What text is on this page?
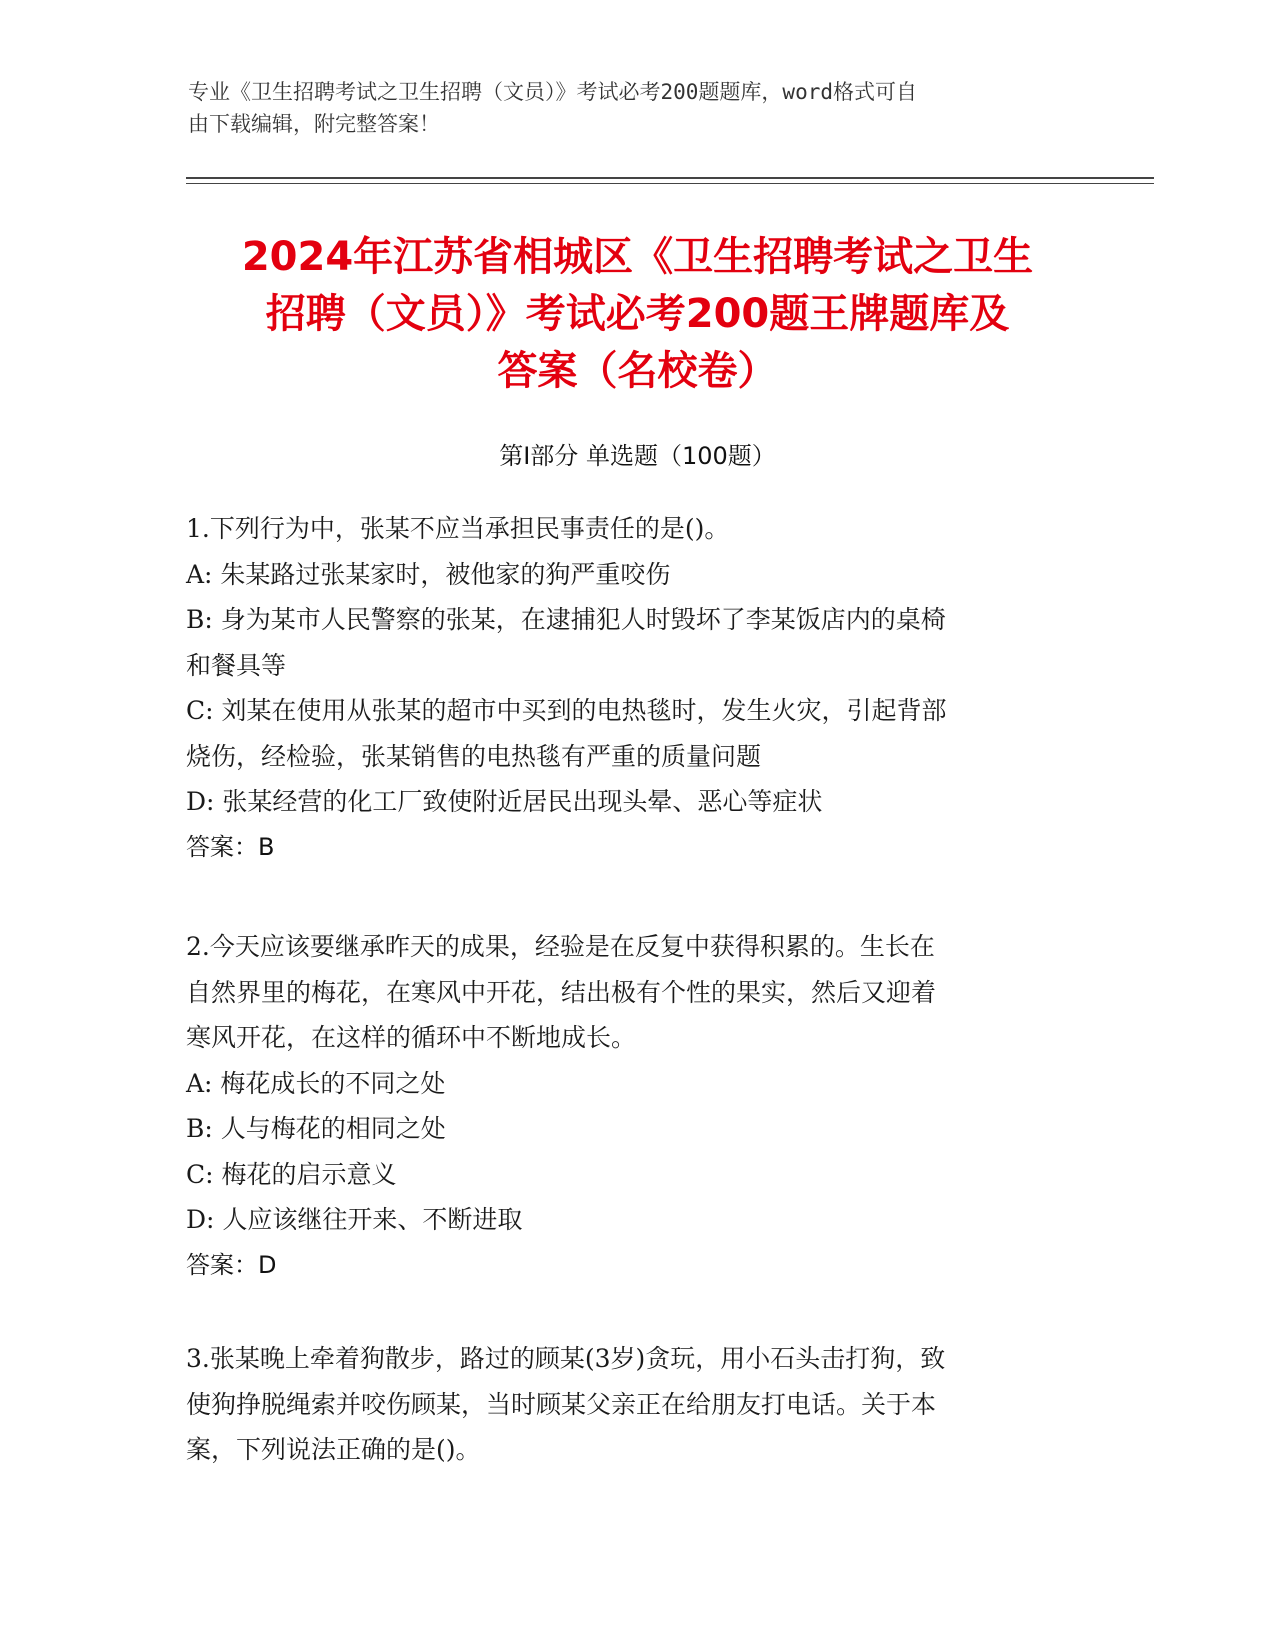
专业《卫生招聘考试之卫生招聘（文员）》考试必考200题题库，word格式可自
由下载编辑，附完整答案！
2024年江苏省相城区《卫生招聘考试之卫生
招聘（文员）》考试必考200题王牌题库及
答案（名校卷）
第Ⅰ部分 单选题（100题）

1.下列行为中，张某不应当承担民事责任的是()。

A: 朱某路过张某家时，被他家的狗严重咬伤

B: 身为某市人民警察的张某，在逮捕犯人时毁坏了李某饭店内的桌椅

和餐具等

C: 刘某在使用从张某的超市中买到的电热毯时，发生火灾，引起背部

烧伤，经检验，张某销售的电热毯有严重的质量问题

D: 张某经营的化工厂致使附近居民出现头晕、恶心等症状

答案：B

2.今天应该要继承昨天的成果，经验是在反复中获得积累的。生长在

自然界里的梅花，在寒风中开花，结出极有个性的果实，然后又迎着

寒风开花，在这样的循环中不断地成长。

A: 梅花成长的不同之处

B: 人与梅花的相同之处

C: 梅花的启示意义

D: 人应该继往开来、不断进取

答案：D

3.张某晚上牵着狗散步，路过的顾某(3岁)贪玩，用小石头击打狗，致

使狗挣脱绳索并咬伤顾某，当时顾某父亲正在给朋友打电话。关于本

案，下列说法正确的是()。
